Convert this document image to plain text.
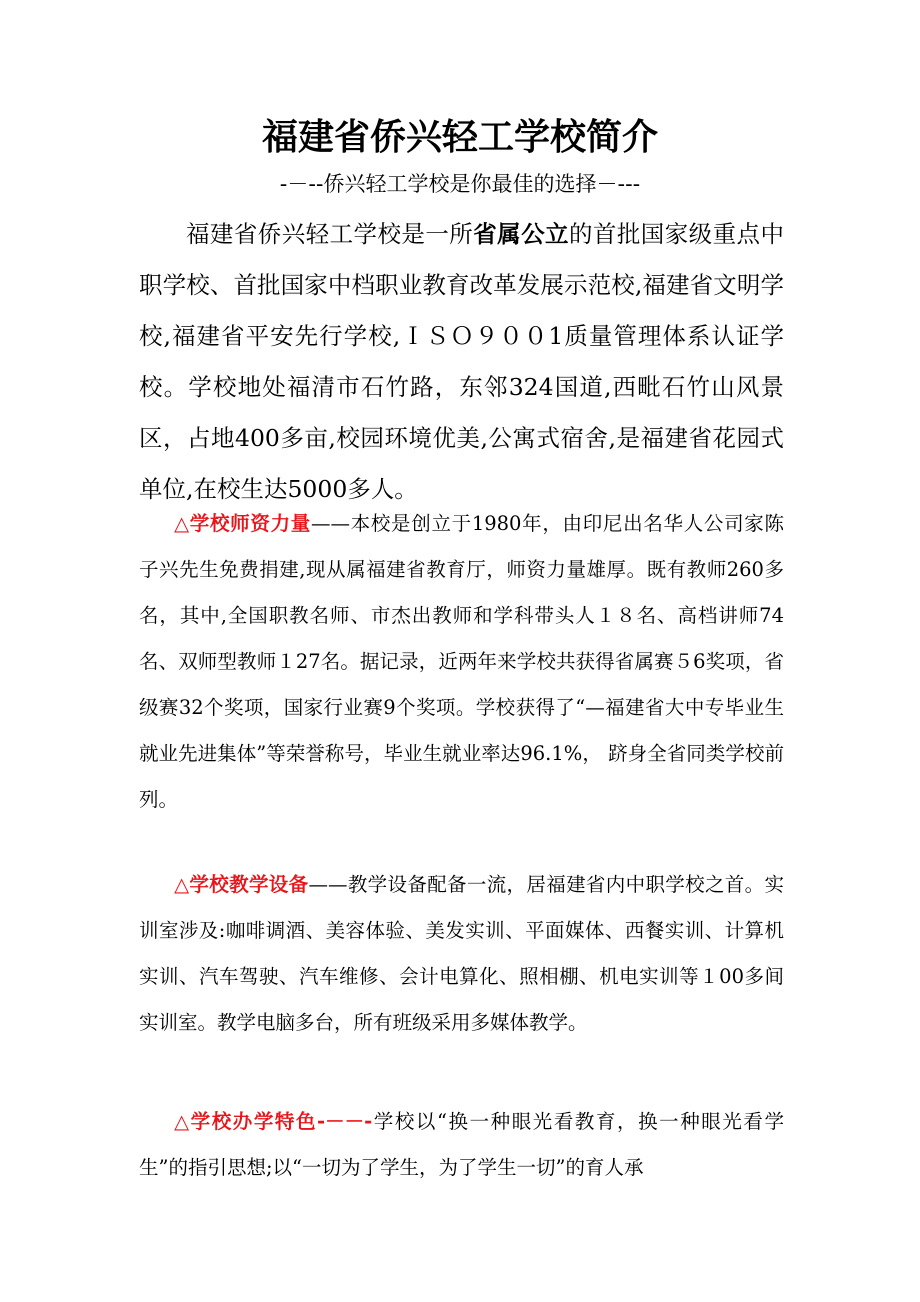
福建省侨兴轻工学校简介

-－--侨兴轻工学校是你最佳的选择－---

福建省侨兴轻工学校是一所省属公立的首批国家级重点中职学校、首批国家中档职业教育改革发展示范校,福建省文明学校,福建省平安先行学校,ＩＳＯ９００1质量管理体系认证学校。学校地处福清市石竹路，东邻324国道,西毗石竹山风景区，占地400多亩,校园环境优美,公寓式宿舍,是福建省花园式单位,在校生达5000多人。

△学校师资力量——本校是创立于1980年，由印尼出名华人公司家陈子兴先生免费捐建,现从属福建省教育厅，师资力量雄厚。既有教师260多名，其中,全国职教名师、市杰出教师和学科带头人１８名、高档讲师74名、双师型教师１27名。据记录，近两年来学校共获得省属赛５6奖项，省级赛32个奖项，国家行业赛9个奖项。学校获得了“—福建省大中专毕业生就业先进集体”等荣誉称号，毕业生就业率达96.1%， 跻身全省同类学校前列。

△学校教学设备——教学设备配备一流，居福建省内中职学校之首。实训室涉及:咖啡调酒、美容体验、美发实训、平面媒体、西餐实训、计算机实训、汽车驾驶、汽车维修、会计电算化、照相棚、机电实训等１00多间实训室。教学电脑多台，所有班级采用多媒体教学。

△学校办学特色-－－-学校以“换一种眼光看教育，换一种眼光看学生”的指引思想;以“一切为了学生，为了学生一切”的育人承
